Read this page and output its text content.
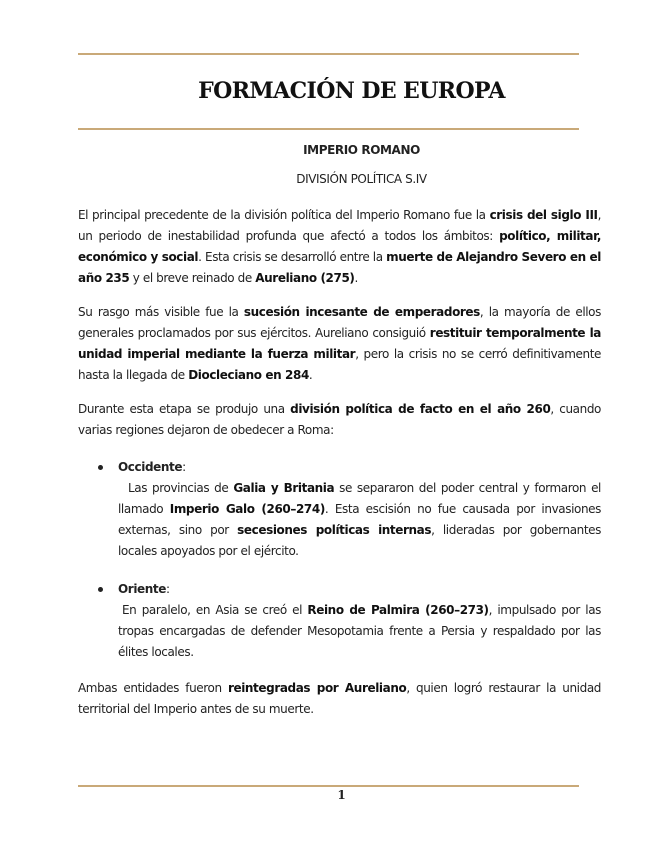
FORMACIÓN DE EUROPA
IMPERIO ROMANO
DIVISIÓN POLÍTICA S.IV
El principal precedente de la división política del Imperio Romano fue la crisis del siglo III, un periodo de inestabilidad profunda que afectó a todos los ámbitos: político, militar, económico y social. Esta crisis se desarrolló entre la muerte de Alejandro Severo en el año 235 y el breve reinado de Aureliano (275).
Su rasgo más visible fue la sucesión incesante de emperadores, la mayoría de ellos generales proclamados por sus ejércitos. Aureliano consiguió restituir temporalmente la unidad imperial mediante la fuerza militar, pero la crisis no se cerró definitivamente hasta la llegada de Diocleciano en 284.
Durante esta etapa se produjo una división política de facto en el año 260, cuando varias regiones dejaron de obedecer a Roma:
Occidente:
Las provincias de Galia y Britania se separaron del poder central y formaron el llamado Imperio Galo (260–274). Esta escisión no fue causada por invasiones externas, sino por secesiones políticas internas, lideradas por gobernantes locales apoyados por el ejército.
Oriente:
En paralelo, en Asia se creó el Reino de Palmira (260–273), impulsado por las tropas encargadas de defender Mesopotamia frente a Persia y respaldado por las élites locales.
Ambas entidades fueron reintegradas por Aureliano, quien logró restaurar la unidad territorial del Imperio antes de su muerte.
1
